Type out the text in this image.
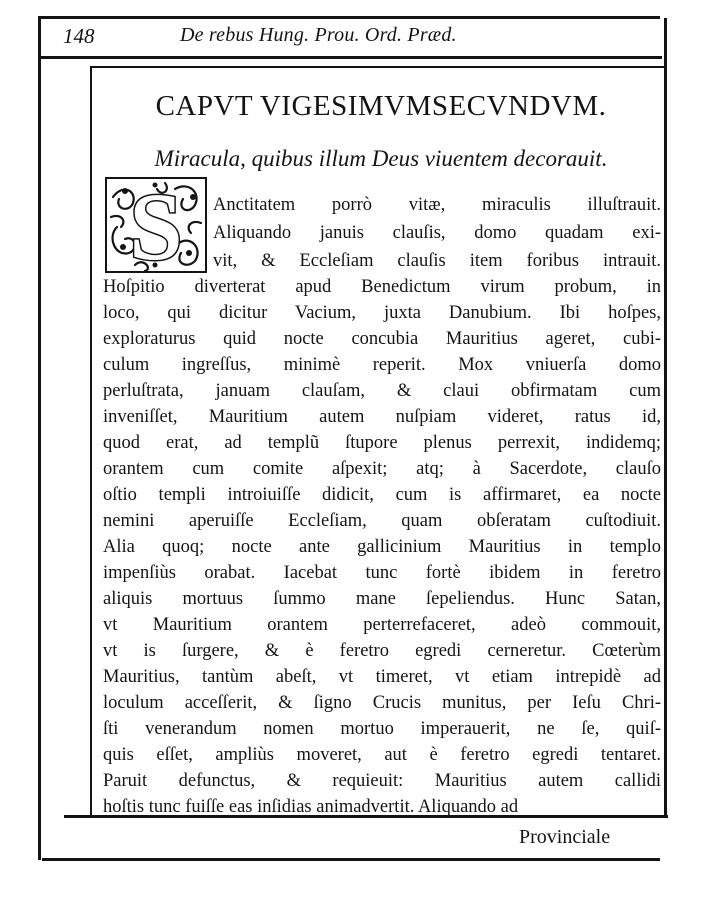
148	De rebus Hung. Prou. Ord. Præd.
CAPVT VIGESIMVMSECVNDVM.
Miracula, quibus illum Deus viuentem decorauit.
S Anctitatem porrò vitæ, miraculis illuſtrauit.
Aliquando januis clauſis, domo quadam exi-
vit, & Eccleſiam clauſis item foribus intrauit.
Hoſpitio diverterat apud Benedictum virum probum, in
loco, qui dicitur Vacium, juxta Danubium. Ibi hoſpes,
exploraturus quid nocte concubia Mauritius ageret, cubi-
culum ingreſſus, minimè reperit. Mox vniuerſa domo
perluſtrata, januam clauſam, & claui obfirmatam cum
inveniſſet, Mauritium autem nuſpiam videret, ratus id,
quod erat, ad templũ ſtupore plenus perrexit, indidemq;
orantem cum comite aſpexit; atq; à Sacerdote, clauſo
oſtio templi introiuiſſe didicit, cum is affirmaret, ea nocte
nemini aperuiſſe Eccleſiam, quam obſeratam cuſtodiuit.
Alia quoq; nocte ante gallicinium Mauritius in templo
impenſiùs orabat. Iacebat tunc fortè ibidem in feretro
aliquis mortuus ſummo mane ſepeliendus. Hunc Satan,
vt Mauritium orantem perterrefaceret, adeò commouit,
vt is ſurgere, & è feretro egredi cerneretur. Cœterùm
Mauritius, tantùm abeſt, vt timeret, vt etiam intrepidè ad
loculum acceſſerit, & ſigno Crucis munitus, per Ieſu Chri-
ſti venerandum nomen mortuo imperauerit, ne ſe, quiſ-
quis eſſet, ampliùs moveret, aut è feretro egredi tentaret.
Paruit defunctus, & requieuit: Mauritius autem callidi
hoſtis tunc fuiſſe eas inſidias animadvertit. Aliquando ad
Provinciale
